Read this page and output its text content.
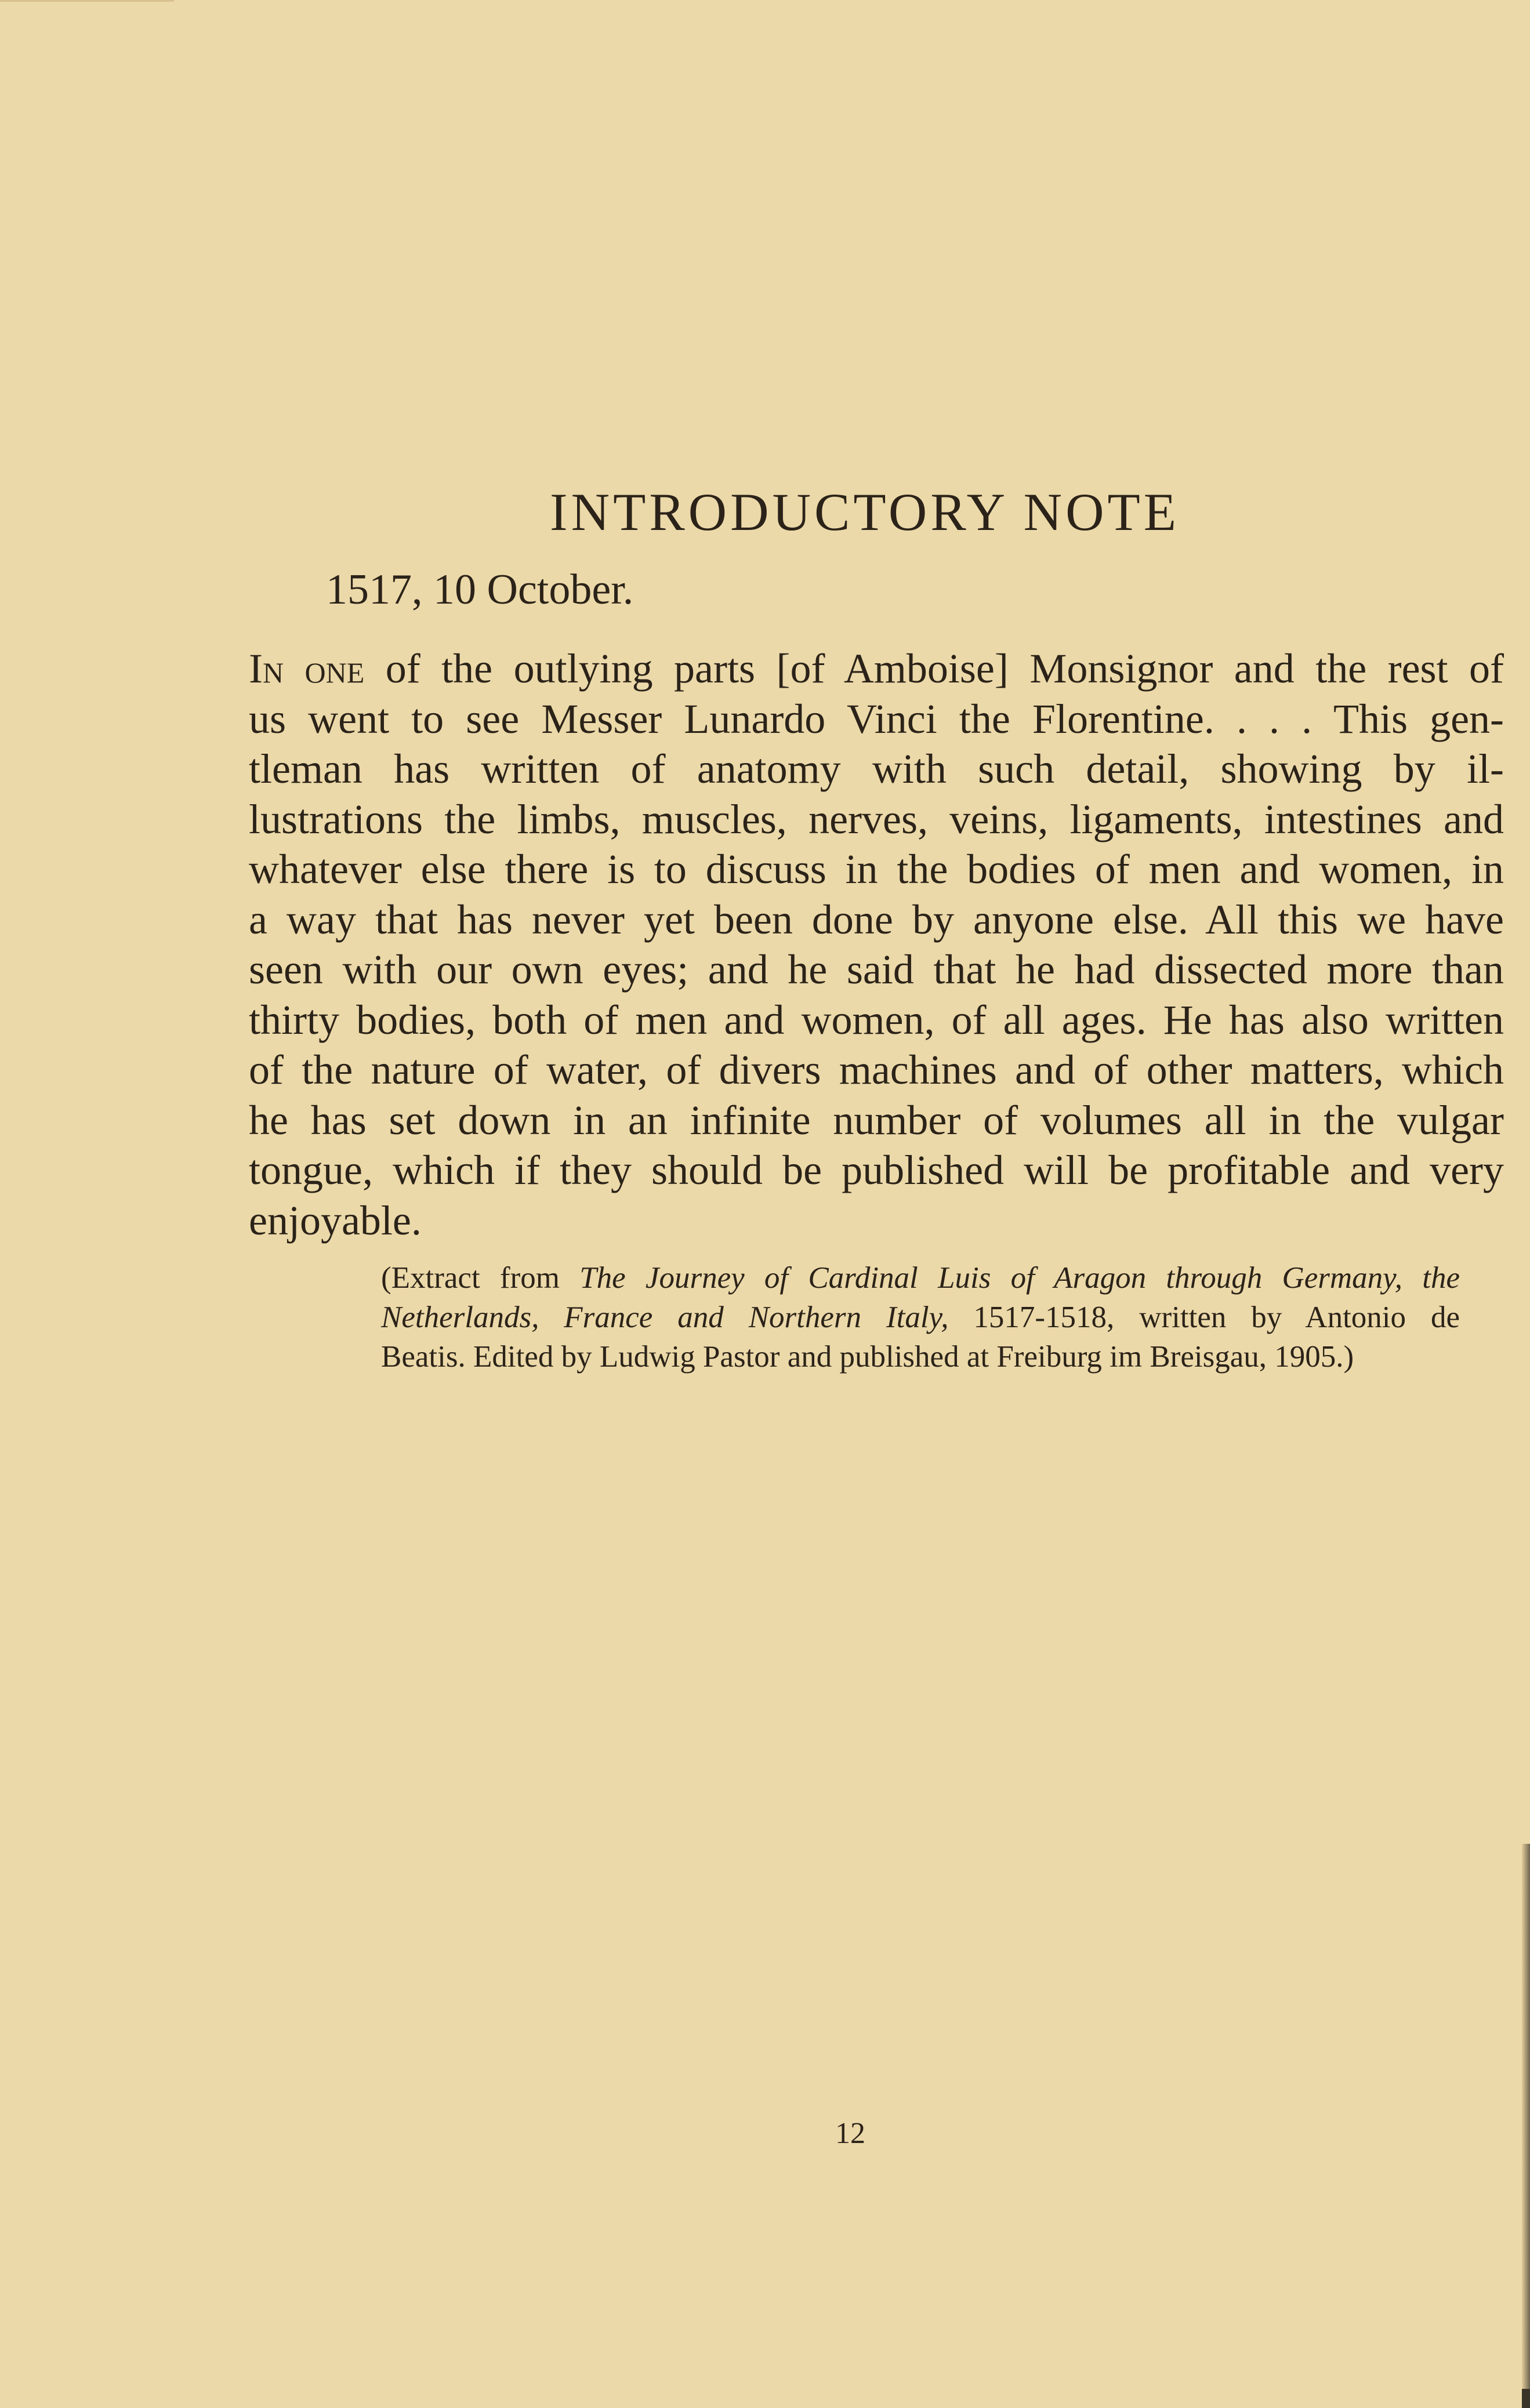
INTRODUCTORY NOTE
1517, 10 October.
In one of the outlying parts [of Amboise] Monsignor and the rest of
us went to see Messer Lunardo Vinci the Florentine. . . . This gen-
tleman has written of anatomy with such detail, showing by il-
lustrations the limbs, muscles, nerves, veins, ligaments, intestines and
whatever else there is to discuss in the bodies of men and women, in
a way that has never yet been done by anyone else. All this we have
seen with our own eyes; and he said that he had dissected more than
thirty bodies, both of men and women, of all ages. He has also written
of the nature of water, of divers machines and of other matters, which
he has set down in an infinite number of volumes all in the vulgar
tongue, which if they should be published will be profitable and very
enjoyable.
(Extract from The Journey of Cardinal Luis of Aragon through Germany, the
Netherlands, France and Northern Italy, 1517-1518, written by Antonio de
Beatis. Edited by Ludwig Pastor and published at Freiburg im Breisgau, 1905.)
12
